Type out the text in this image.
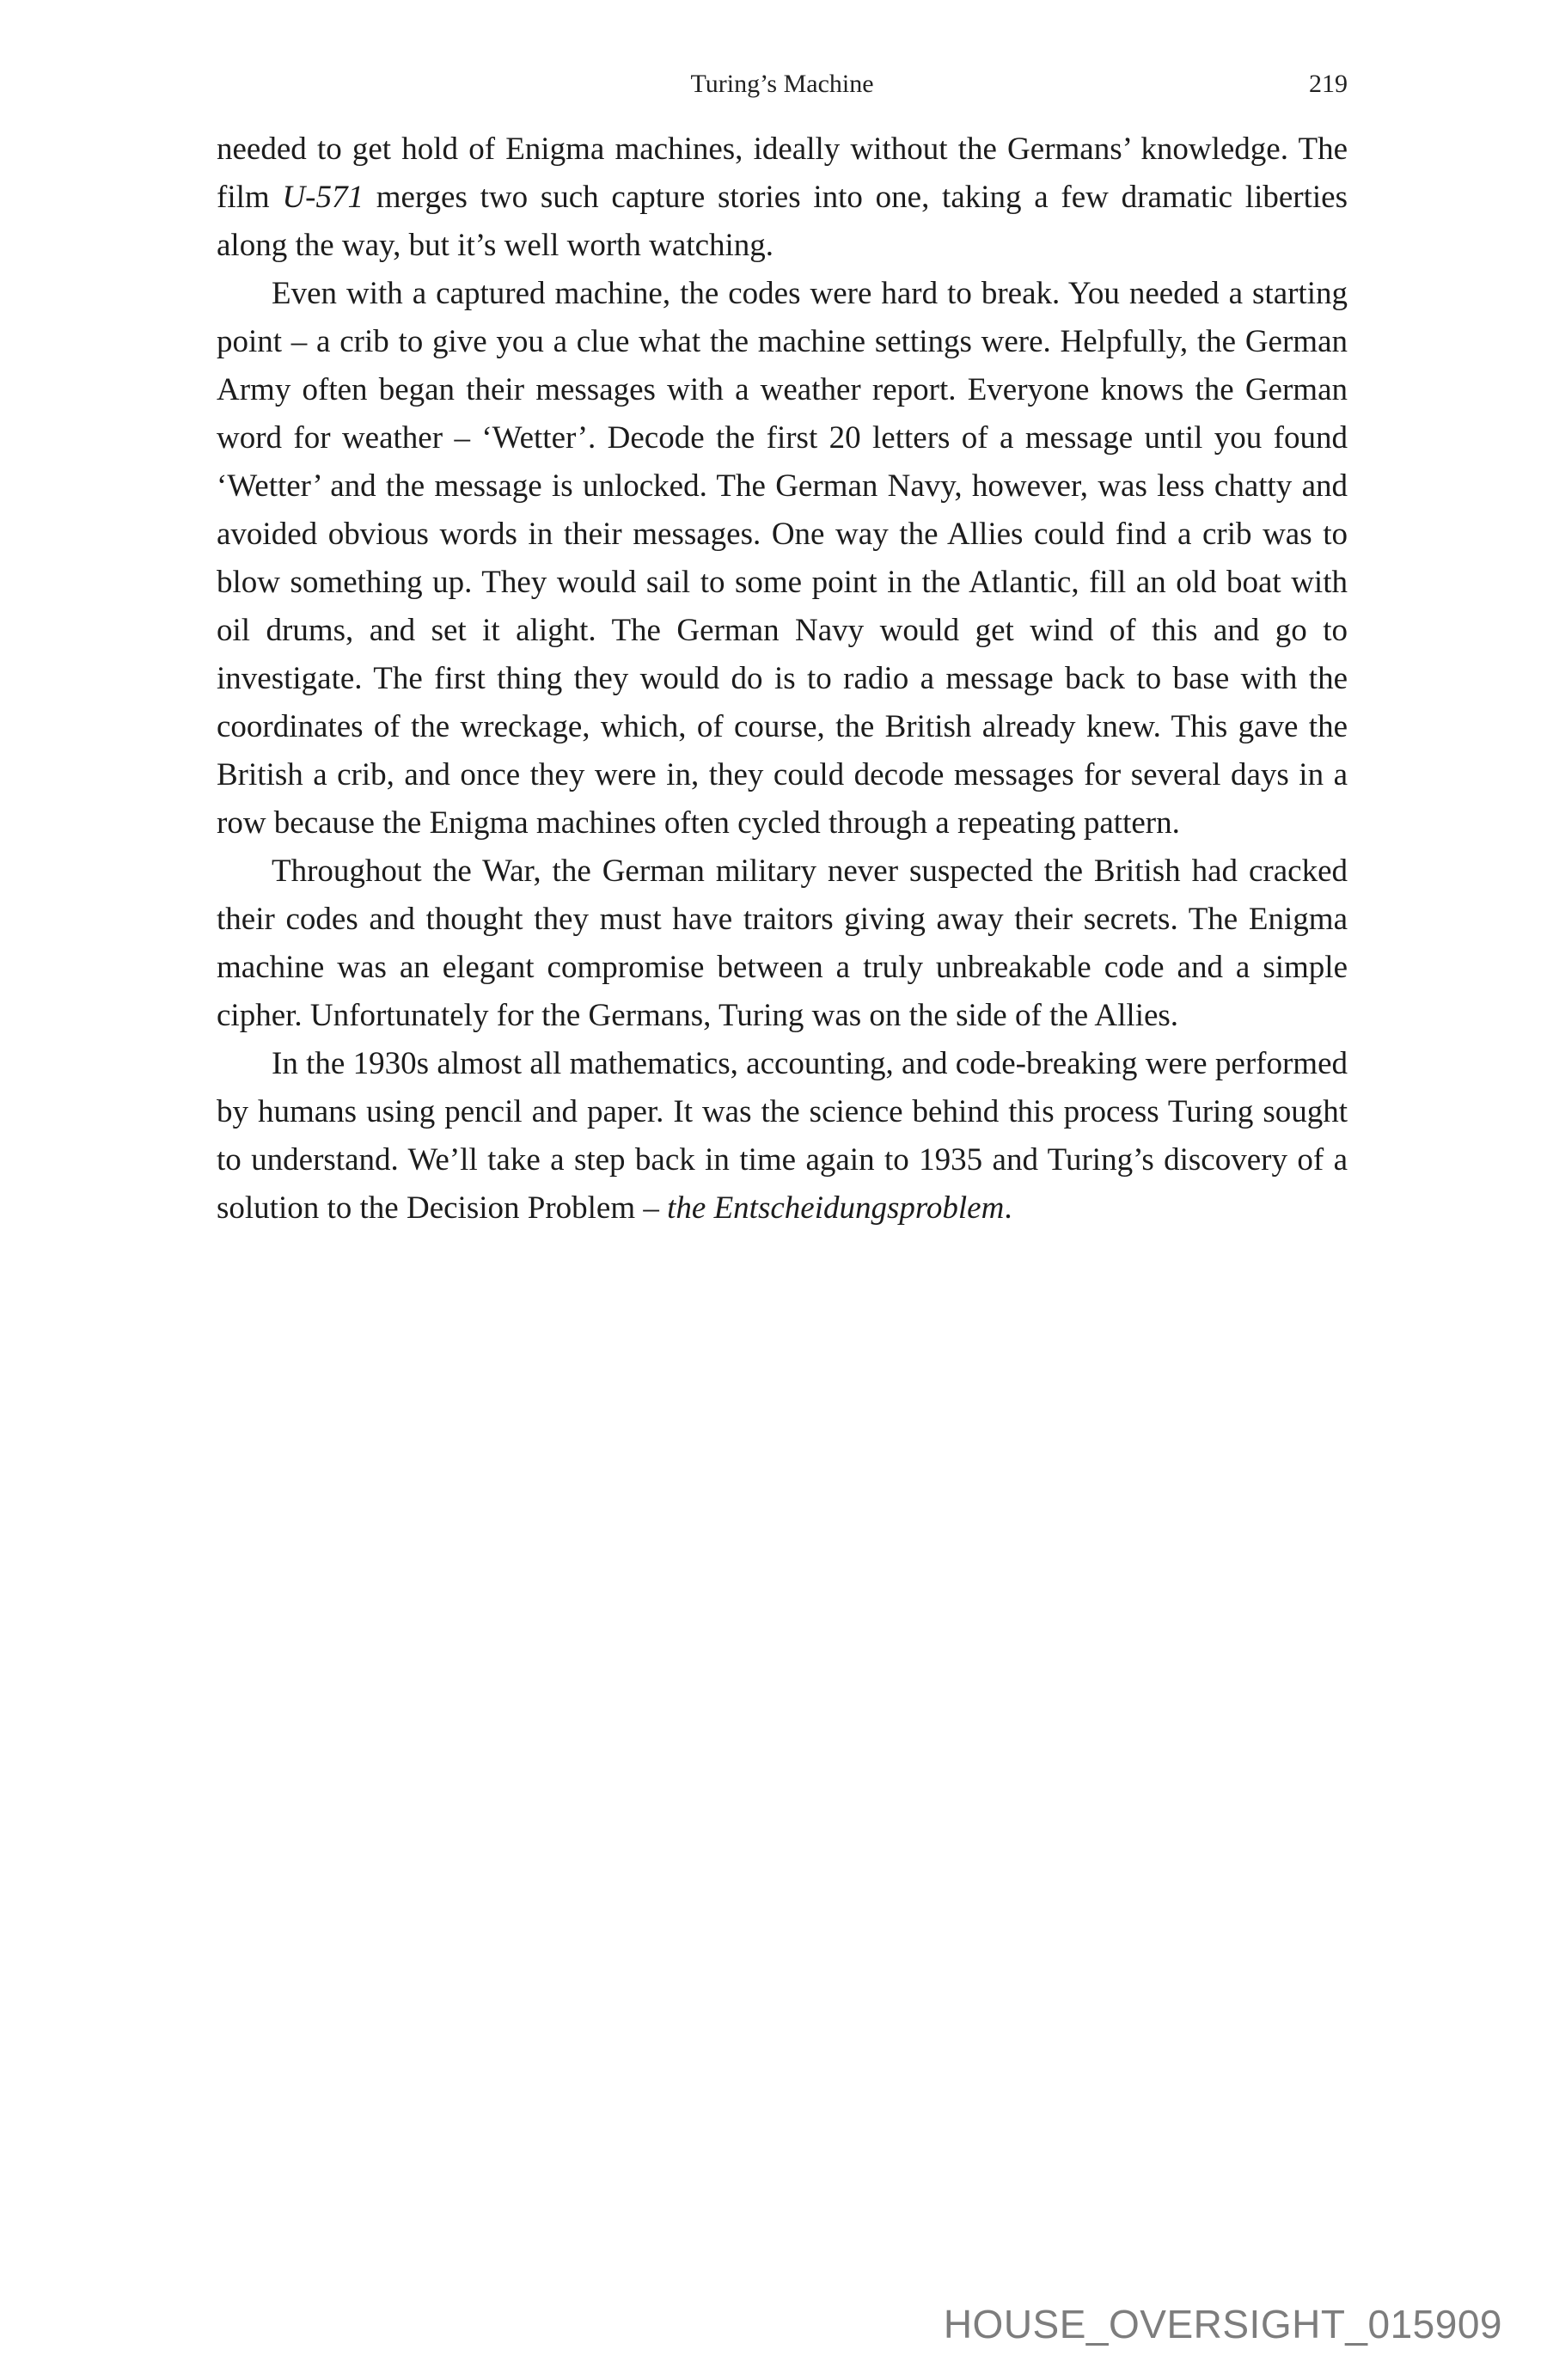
Turing’s Machine	219

needed to get hold of Enigma machines, ideally without the Germans’ knowledge. The film U-571 merges two such capture stories into one, taking a few dramatic liberties along the way, but it’s well worth watching.

Even with a captured machine, the codes were hard to break. You needed a starting point – a crib to give you a clue what the machine settings were. Helpfully, the German Army often began their messages with a weather report. Everyone knows the German word for weather – ‘Wetter’. Decode the first 20 letters of a message until you found ‘Wetter’ and the message is unlocked. The German Navy, however, was less chatty and avoided obvious words in their messages. One way the Allies could find a crib was to blow something up. They would sail to some point in the Atlantic, fill an old boat with oil drums, and set it alight. The German Navy would get wind of this and go to investigate. The first thing they would do is to radio a message back to base with the coordinates of the wreckage, which, of course, the British already knew. This gave the British a crib, and once they were in, they could decode messages for several days in a row because the Enigma machines often cycled through a repeating pattern.

Throughout the War, the German military never suspected the British had cracked their codes and thought they must have traitors giving away their secrets. The Enigma machine was an elegant compromise between a truly unbreakable code and a simple cipher. Unfortunately for the Germans, Turing was on the side of the Allies.

In the 1930s almost all mathematics, accounting, and code-breaking were performed by humans using pencil and paper. It was the science behind this process Turing sought to understand. We’ll take a step back in time again to 1935 and Turing’s discovery of a solution to the Decision Problem – the Entscheidungsproblem.

HOUSE_OVERSIGHT_015909
